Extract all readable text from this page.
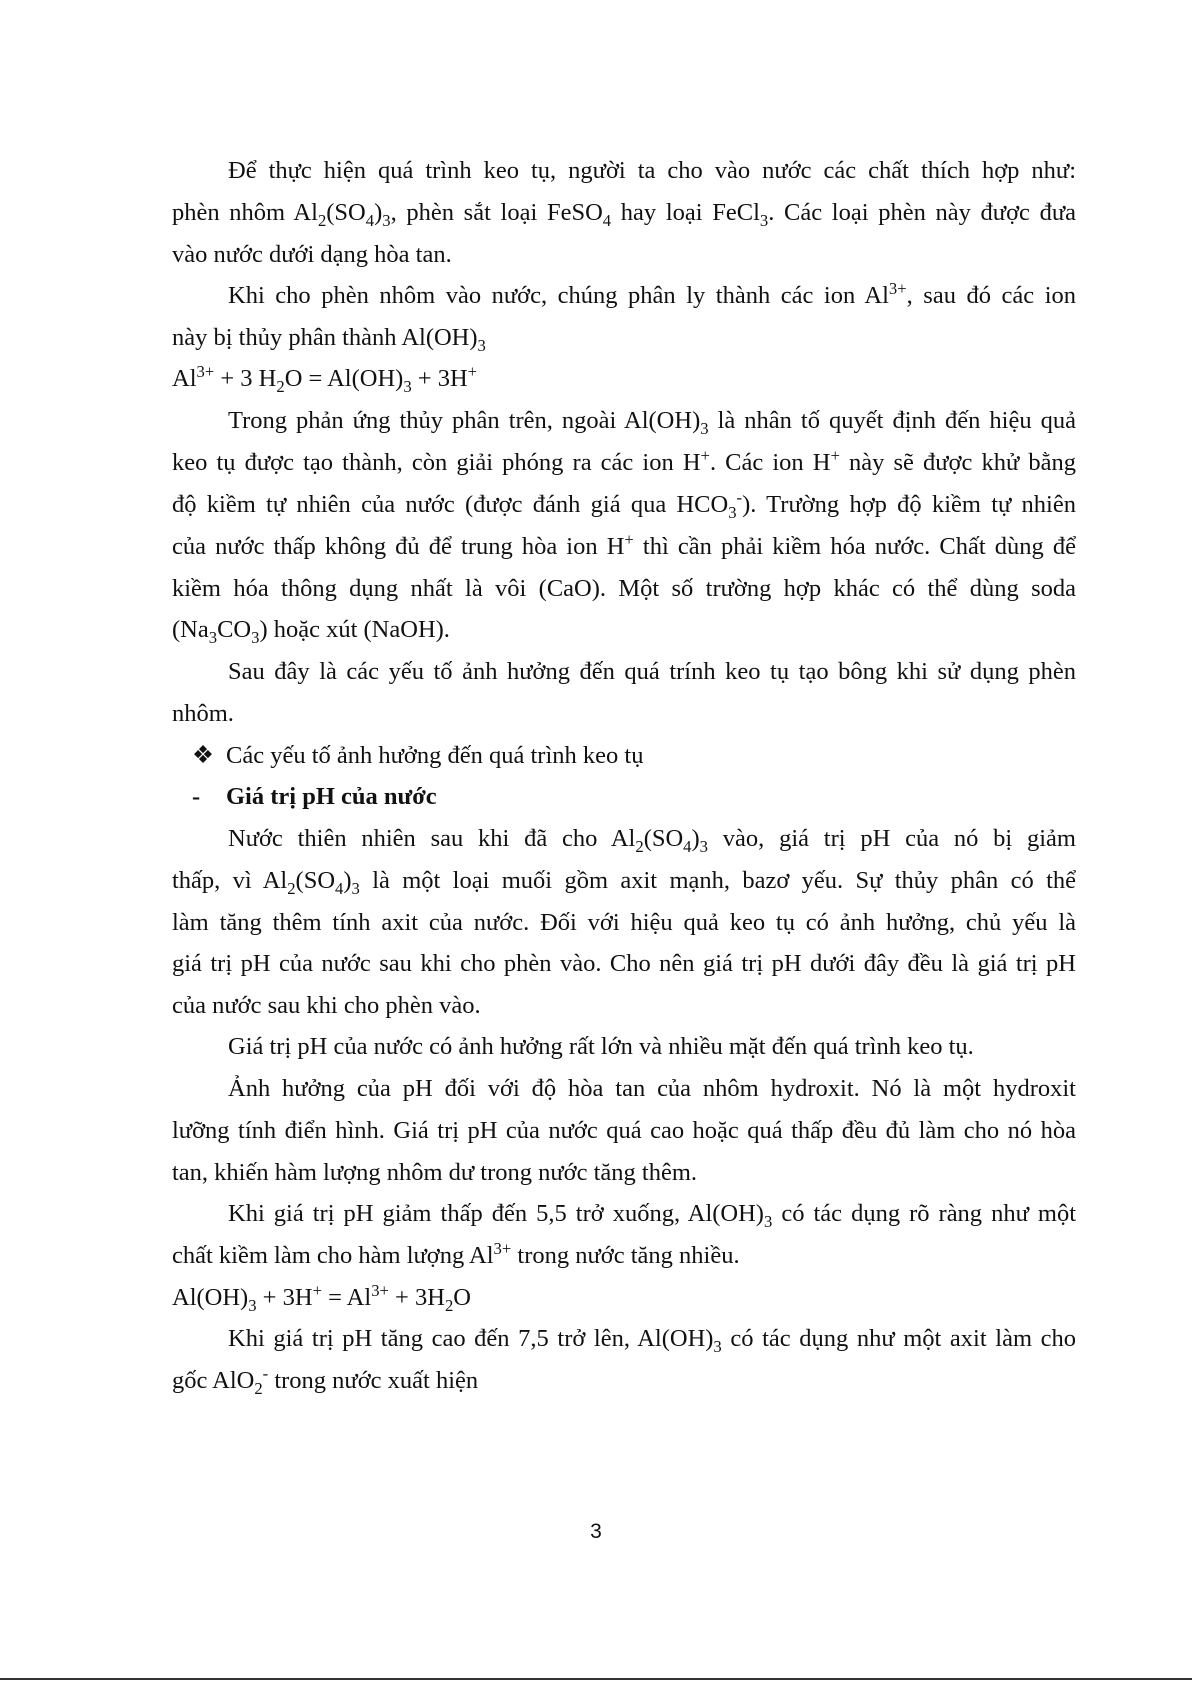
Để thực hiện quá trình keo tụ, người ta cho vào nước các chất thích hợp như:
phèn nhôm $Al_2(SO_4)_3$, phèn sắt loại FeSO$_4$ hay loại FeCl$_3$. Các loại phèn này được đưa
vào nước dưới dạng hòa tan.
Khi cho phèn nhôm vào nước, chúng phân ly thành các ion $Al^{3+}$, sau đó các ion
này bị thủy phân thành $Al(OH)_3$
$Al^{3+} + 3$ $H_2O = Al(OH)_3 + 3H^+$
Trong phản ứng thủy phân trên, ngoài $Al(OH)_3$ là nhân tố quyết định đến hiệu quả
keo tụ được tạo thành, còn giải phóng ra các ion H+. Các ion H+ này sẽ được khử bằng
độ kiềm tự nhiên của nước (được đánh giá qua $HCO_3^-$). Trường hợp độ kiềm tự nhiên
của nước thấp không đủ để trung hòa ion H+ thì cần phải kiềm hóa nước. Chất dùng để
kiềm hóa thông dụng nhất là vôi (CaO). Một số trường hợp khác có thể dùng soda
$(Na_3CO_3)$ hoặc xút (NaOH).
Sau đây là các yếu tố ảnh hưởng đến quá trính keo tụ tạo bông khi sử dụng phèn
nhôm.
❖ Các yếu tố ảnh hưởng đến quá trình keo tụ
- Giá trị pH của nước
Nước thiên nhiên sau khi đã cho $Al_2(SO_4)_3$ vào, giá trị pH của nó bị giảm
thấp, vì $Al_2(SO_4)_3$ là một loại muối gồm axit mạnh, bazơ yếu. Sự thủy phân có thể
làm tăng thêm tính axit của nước. Đối với hiệu quả keo tụ có ảnh hưởng, chủ yếu là
giá trị pH của nước sau khi cho phèn vào. Cho nên giá trị pH dưới đây đều là giá trị pH
của nước sau khi cho phèn vào.
Giá trị pH của nước có ảnh hưởng rất lớn và nhiều mặt đến quá trình keo tụ.
Ảnh hưởng của pH đối với độ hòa tan của nhôm hydroxit. Nó là một hydroxit
lưỡng tính điển hình. Giá trị pH của nước quá cao hoặc quá thấp đều đủ làm cho nó hòa
tan, khiến hàm lượng nhôm dư trong nước tăng thêm.
Khi giá trị pH giảm thấp đến 5,5 trở xuống, $Al(OH)_3$ có tác dụng rõ ràng như một
chất kiềm làm cho hàm lượng $Al^{3+}$ trong nước tăng nhiều.
$Al(OH)_3 + 3H^+ = Al^{3+} + 3H_2O$
Khi giá trị pH tăng cao đến 7,5 trở lên, $Al(OH)_3$ có tác dụng như một axit làm cho
gốc AlO$_2$- trong nước xuất hiện
3
